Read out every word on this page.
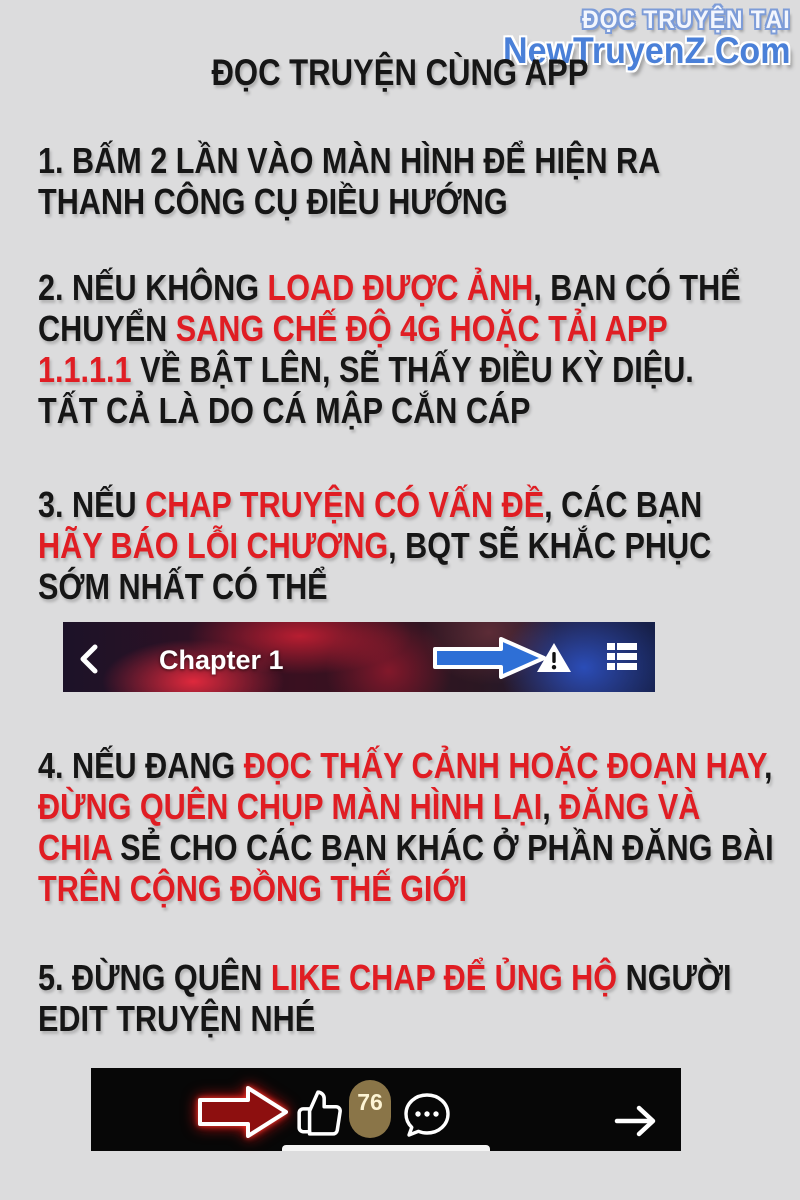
ĐỌC TRUYỆN TẠI
NewTruyenZ.Com
ĐỌC TRUYỆN CÙNG APP
1. BẤM 2 LẦN VÀO MÀN HÌNH ĐỂ HIỆN RA
THANH CÔNG CỤ ĐIỀU HƯỚNG
2. NẾU KHÔNG LOAD ĐƯỢC ẢNH, BẠN CÓ THỂ
CHUYỂN SANG CHẾ ĐỘ 4G HOẶC TẢI APP
1.1.1.1 VỀ BẬT LÊN, SẼ THẤY ĐIỀU KỲ DIỆU.
TẤT CẢ LÀ DO CÁ MẬP CẮN CÁP
3. NẾU CHAP TRUYỆN CÓ VẤN ĐỀ, CÁC BẠN
HÃY BÁO LỖI CHƯƠNG, BQT SẼ KHẮC PHỤC
SỚM NHẤT CÓ THỂ
4. NẾU ĐANG ĐỌC THẤY CẢNH HOẶC ĐOẠN HAY,
ĐỪNG QUÊN CHỤP MÀN HÌNH LẠI, ĐĂNG VÀ
CHIA SẺ CHO CÁC BẠN KHÁC Ở PHẦN ĐĂNG BÀI
TRÊN CỘNG ĐỒNG THẾ GIỚI
5. ĐỪNG QUÊN LIKE CHAP ĐỂ ỦNG HỘ NGƯỜI
EDIT TRUYỆN NHÉ
Chapter 1
76
